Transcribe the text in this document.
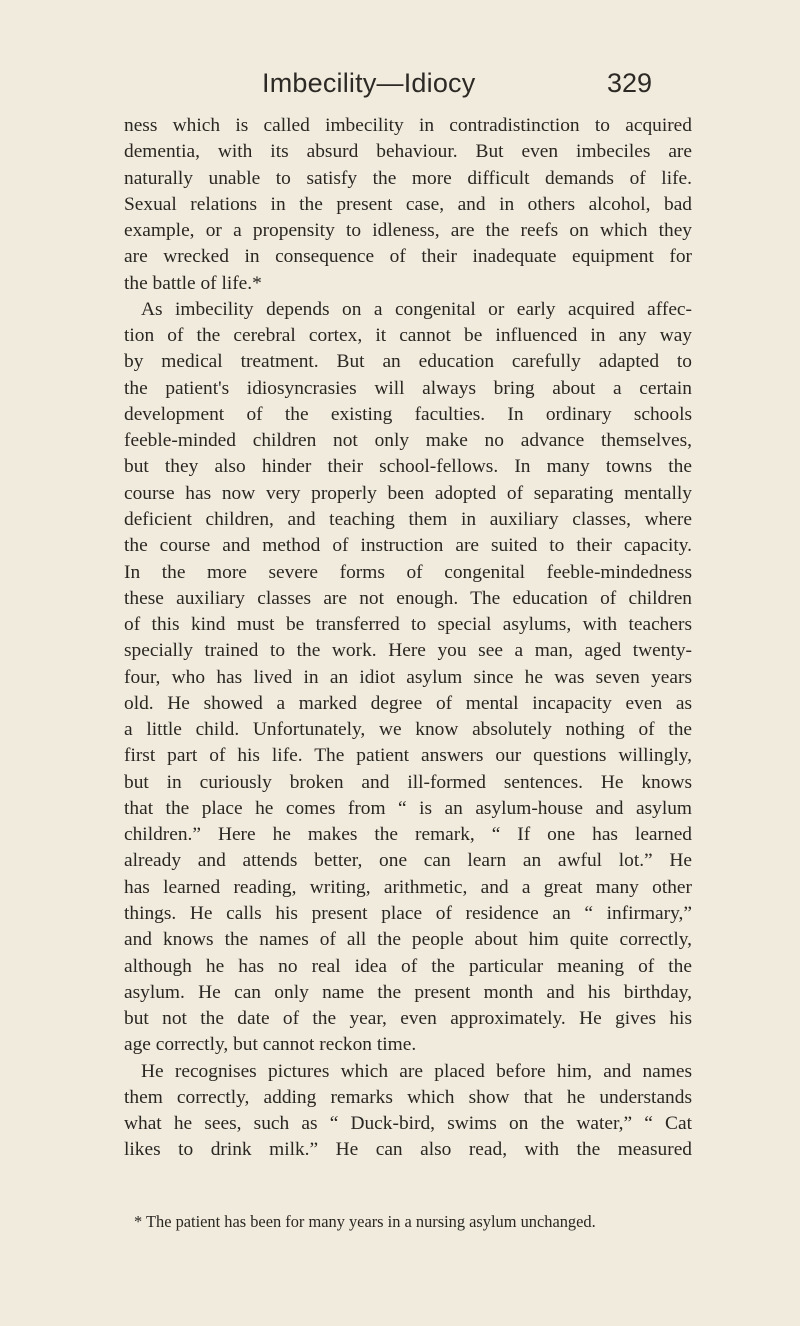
Imbecility—Idiocy	329
ness which is called imbecility in contradistinction to acquired
dementia, with its absurd behaviour. But even imbeciles are
naturally unable to satisfy the more difficult demands of life.
Sexual relations in the present case, and in others alcohol, bad
example, or a propensity to idleness, are the reefs on which they
are wrecked in consequence of their inadequate equipment for
the battle of life.*
As imbecility depends on a congenital or early acquired affec-
tion of the cerebral cortex, it cannot be influenced in any way
by medical treatment. But an education carefully adapted to
the patient's idiosyncrasies will always bring about a certain
development of the existing faculties. In ordinary schools
feeble-minded children not only make no advance themselves,
but they also hinder their school-fellows. In many towns the
course has now very properly been adopted of separating mentally
deficient children, and teaching them in auxiliary classes, where
the course and method of instruction are suited to their capacity.
In the more severe forms of congenital feeble-mindedness
these auxiliary classes are not enough. The education of children
of this kind must be transferred to special asylums, with teachers
specially trained to the work. Here you see a man, aged twenty-
four, who has lived in an idiot asylum since he was seven years
old. He showed a marked degree of mental incapacity even as
a little child. Unfortunately, we know absolutely nothing of the
first part of his life. The patient answers our questions willingly,
but in curiously broken and ill-formed sentences. He knows
that the place he comes from “ is an asylum-house and asylum
children.” Here he makes the remark, “ If one has learned
already and attends better, one can learn an awful lot.” He
has learned reading, writing, arithmetic, and a great many other
things. He calls his present place of residence an “ infirmary,”
and knows the names of all the people about him quite correctly,
although he has no real idea of the particular meaning of the
asylum. He can only name the present month and his birthday,
but not the date of the year, even approximately. He gives his
age correctly, but cannot reckon time.
He recognises pictures which are placed before him, and names
them correctly, adding remarks which show that he understands
what he sees, such as “ Duck-bird, swims on the water,” “ Cat
likes to drink milk.” He can also read, with the measured
* The patient has been for many years in a nursing asylum unchanged.
